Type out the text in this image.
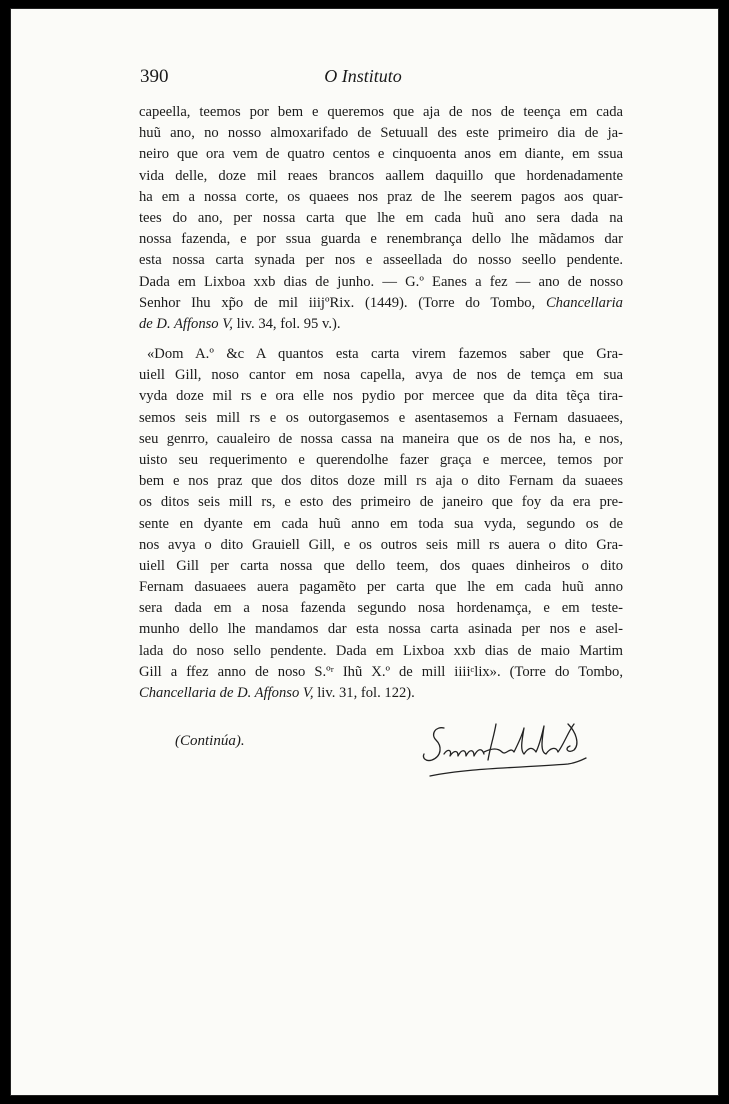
390	O Instituto
capeella, teemos por bem e queremos que aja de nos de teença em cada
huũ ano, no nosso almoxarifado de Setuuall des este primeiro dia de ja-
neiro que ora vem de quatro centos e cinquoenta anos em diante, em ssua
vida delle, doze mil reaes brancos aallem daquillo que hordenadamente
ha em a nossa corte, os quaees nos praz de lhe seerem pagos aos quar-
tees do ano, per nossa carta que lhe em cada huũ ano sera dada na
nossa fazenda, e por ssua guarda e renembrança dello lhe mãdamos dar
esta nossa carta synada per nos e asseellada do nosso seello pendente.
Dada em Lixboa xxb dias de junho. — G.º Eanes a fez — ano de nosso
Senhor Ihu xp̃o de mil iiijºRix. (1449). (Torre do Tombo, Chancellaria
de D. Affonso V, liv. 34, fol. 95 v.).
«Dom A.º &c A quantos esta carta virem fazemos saber que Gra-
uiell Gill, noso cantor em nosa capella, avya de nos de temça em sua
vyda doze mil rs e ora elle nos pydio por mercee que da dita tẽça tira-
semos seis mill rs e os outorgasemos e asentasemos a Fernam dasuaees,
seu genrro, caualeiro de nossa cassa na maneira que os de nos ha, e nos,
uisto seu requerimento e querendolhe fazer graça e mercee, temos por
bem e nos praz que dos ditos doze mill rs aja o dito Fernam da suaees
os ditos seis mill rs, e esto des primeiro de janeiro que foy da era pre-
sente en dyante em cada huũ anno em toda sua vyda, segundo os de
nos avya o dito Grauiell Gill, e os outros seis mill rs auera o dito Gra-
uiell Gill per carta nossa que dello teem, dos quaes dinheiros o dito
Fernam dasuaees auera pagamẽto per carta que lhe em cada huũ anno
sera dada em a nosa fazenda segundo nosa hordenamça, e em teste-
munho dello lhe mandamos dar esta nossa carta asinada per nos e asel-
lada do noso sello pendente. Dada em Lixboa xxb dias de maio Martim
Gill a ffez anno de noso S.ºʳ Ihũ X.º de mill iiiiᶜlix». (Torre do Tombo,
Chancellaria de D. Affonso V, liv. 31, fol. 122).
(Continúa).
